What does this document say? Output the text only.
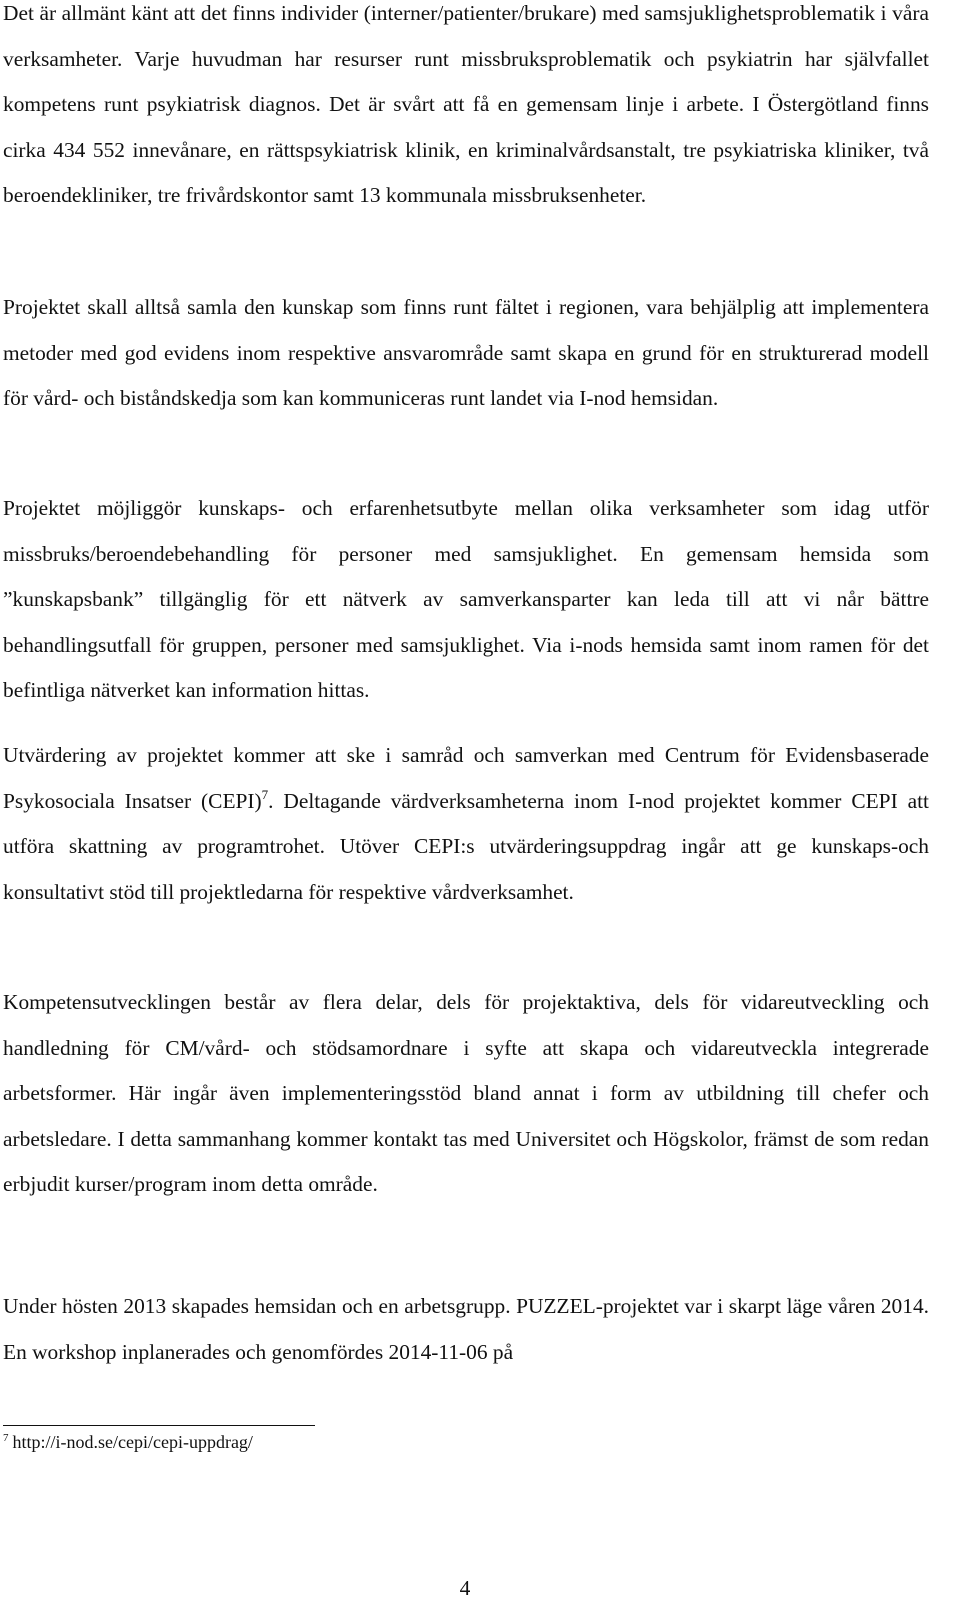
Det är allmänt känt att det finns individer (interner/patienter/brukare) med samsjuklighetsproblematik i våra verksamheter. Varje huvudman har resurser runt missbruksproblematik och psykiatrin har självfallet kompetens runt psykiatrisk diagnos. Det är svårt att få en gemensam linje i arbete. I Östergötland finns cirka 434 552 innevånare, en rättspsykiatrisk klinik, en kriminalvårdsanstalt, tre psykiatriska kliniker, två beroendekliniker, tre frivårdskontor samt 13 kommunala missbruksenheter.

Projektet skall alltså samla den kunskap som finns runt fältet i regionen, vara behjälplig att implementera metoder med god evidens inom respektive ansvarområde samt skapa en grund för en strukturerad modell för vård- och biståndskedja som kan kommuniceras runt landet via I-nod hemsidan.

Projektet möjliggör kunskaps- och erfarenhetsutbyte mellan olika verksamheter som idag utför missbruks/beroendebehandling för personer med samsjuklighet. En gemensam hemsida som ”kunskapsbank” tillgänglig för ett nätverk av samverkansparter kan leda till att vi når bättre behandlingsutfall för gruppen, personer med samsjuklighet. Via i-nods hemsida samt inom ramen för det befintliga nätverket kan information hittas.

Utvärdering av projektet kommer att ske i samråd och samverkan med Centrum för Evidensbaserade Psykosociala Insatser (CEPI)$^7$. Deltagande värdverksamheterna inom I-nod projektet kommer CEPI att utföra skattning av programtrohet. Utöver CEPI:s utvärderingsuppdrag ingår att ge kunskaps-och konsultativt stöd till projektledarna för respektive vårdverksamhet.

Kompetensutvecklingen består av flera delar, dels för projektaktiva, dels för vidareutveckling och handledning för CM/vård- och stödsamordnare i syfte att skapa och vidareutveckla integrerade arbetsformer. Här ingår även implementeringsstöd bland annat i form av utbildning till chefer och arbetsledare. I detta sammanhang kommer kontakt tas med Universitet och Högskolor, främst de som redan erbjudit kurser/program inom detta område.

Under hösten 2013 skapades hemsidan och en arbetsgrupp. PUZZEL-projektet var i skarpt läge våren 2014. En workshop inplanerades och genomfördes 2014-11-06 på

$^7$ http://i-nod.se/cepi/cepi-uppdrag/
4
